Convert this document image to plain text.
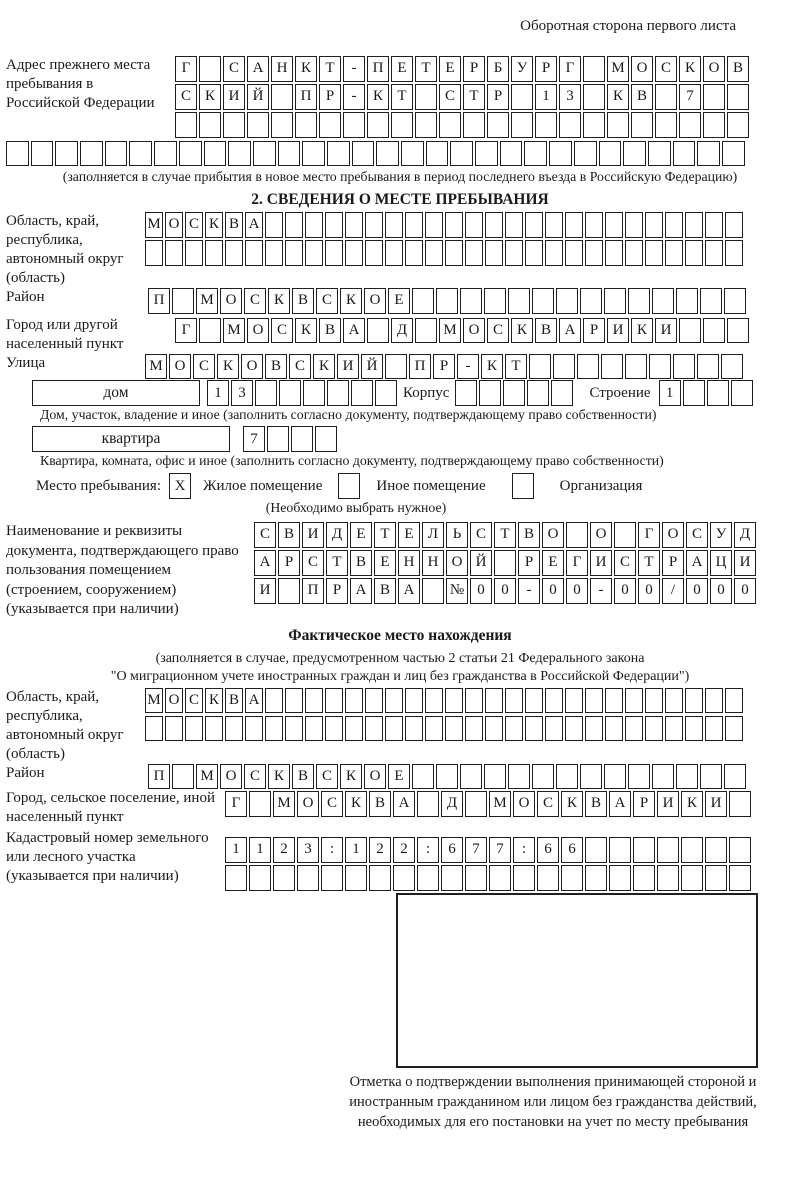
Оборотная сторона первого листа
Адрес прежнего места пребывания в Российской Федерации
Г	С А Н К Т	-	П Е Т Е	Р	Б У Р	Г	М О С К О В
С К И Й	П Р	-	К Т	С Т	Р	1	3	К В	7
(заполняется в случае прибытия в новое место пребывания в период последнего въезда в Российскую Федерацию)
2. СВЕДЕНИЯ О МЕСТЕ ПРЕБЫВАНИЯ
Область, край, республика, автономный округ (область)
М О С К В А
Район	П	М О С К В С К О Е
Город или другой населенный пункт
Г	М О С К В А	Д	М О С К В А Р И К И
Улица	М О С К О В С К И Й	П Р	-	К Т
дом	1	3	Корпус	Строение	1
Дом, участок, владение и иное (заполнить согласно документу, подтверждающему право собственности)
квартира	7
Квартира, комната, офис и иное (заполнить согласно документу, подтверждающему право собственности)
Место пребывания: X	Жилое помещение	Иное помещение	Организация
(Необходимо выбрать нужное)
Наименование и реквизиты документа, подтверждающего право пользования помещением (строением, сооружением) (указывается при наличии)
С В И Д Е Т Е Л Ь С Т В О	О	Г О С У Д
А Р С Т В Е Н Н О Й	Р	Е	Г И С Т	Р А Ц И
И	П Р А В А	№ 0	0	-	0	0	-	0	0	/	0	0	0
Фактическое место нахождения
(заполняется в случае, предусмотренном частью 2 статьи 21 Федерального закона
"О миграционном учете иностранных граждан и лиц без гражданства в Российской Федерации")
Область, край, республика, автономный округ (область)
М О С К В А
Район	П	М О С К В С К О Е
Город, сельское поселение, иной населенный пункт
Г	М О С К В А	Д	М О С К В А Р И К И
Кадастровый номер земельного или лесного участка (указывается при наличии)
1	1	2	3	:	1	2	2	:	6	7	7	:	6	6
Отметка о подтверждении выполнения принимающей стороной и иностранным гражданином или лицом без гражданства действий, необходимых для его постановки на учет по месту пребывания
